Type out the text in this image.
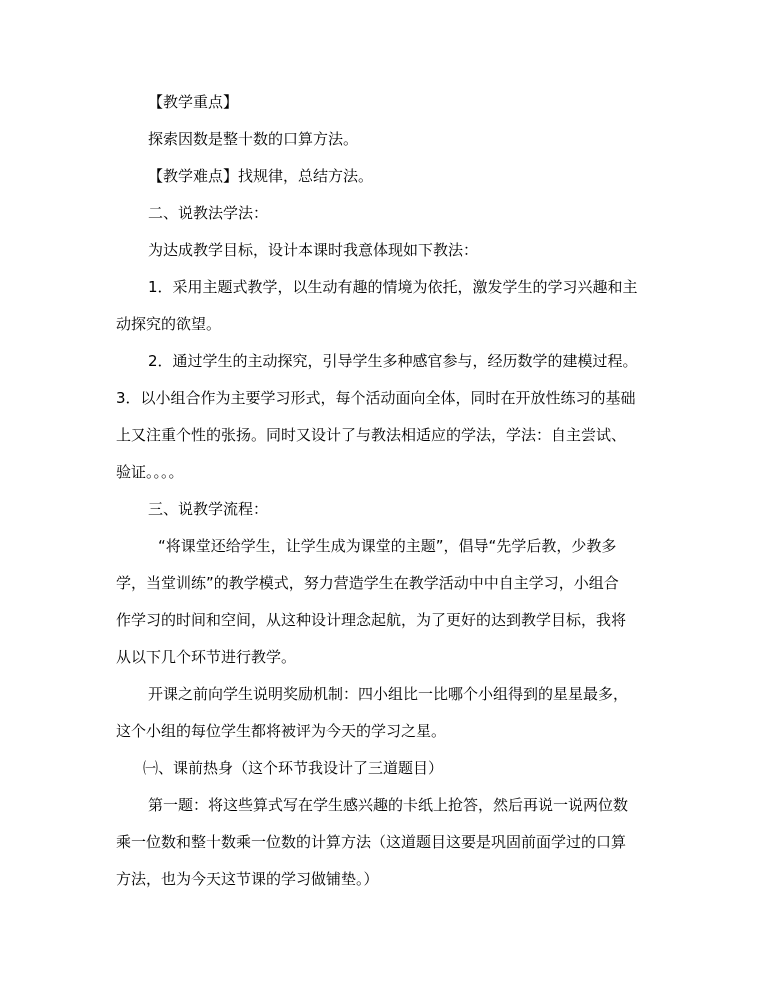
【教学重点】
探索因数是整十数的口算方法。
【教学难点】找规律，总结方法。
二、说教法学法：
为达成教学目标，设计本课时我意体现如下教法：
1．采用主题式教学，以生动有趣的情境为依托，激发学生的学习兴趣和主
动探究的欲望。
2．通过学生的主动探究，引导学生多种感官参与，经历数学的建模过程。
3．以小组合作为主要学习形式，每个活动面向全体，同时在开放性练习的基础
上又注重个性的张扬。同时又设计了与教法相适应的学法，学法：自主尝试、
验证。。。。
三、说教学流程：
“将课堂还给学生，让学生成为课堂的主题”，倡导“先学后教，少教多
学，当堂训练”的教学模式，努力营造学生在教学活动中中自主学习，小组合
作学习的时间和空间，从这种设计理念起航，为了更好的达到教学目标，我将
从以下几个环节进行教学。
开课之前向学生说明奖励机制：四小组比一比哪个小组得到的星星最多，
这个小组的每位学生都将被评为今天的学习之星。
㈠、课前热身（这个环节我设计了三道题目）
第一题：将这些算式写在学生感兴趣的卡纸上抢答，然后再说一说两位数
乘一位数和整十数乘一位数的计算方法（这道题目这要是巩固前面学过的口算
方法，也为今天这节课的学习做铺垫。）
